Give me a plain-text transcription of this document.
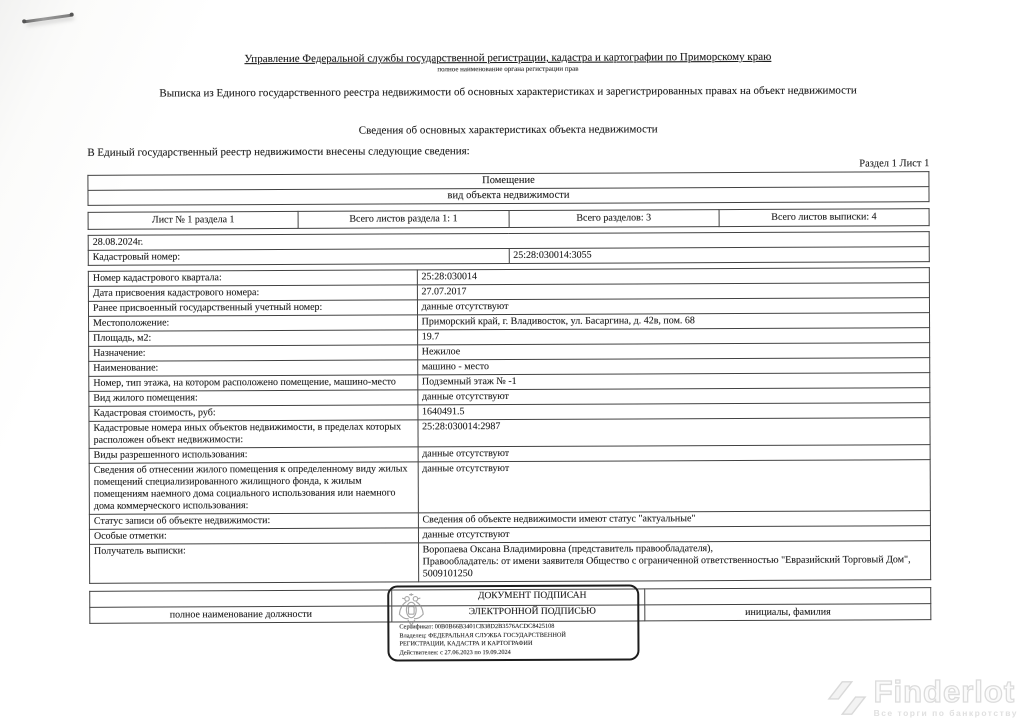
Управление Федеральной службы государственной регистрации, кадастра и картографии по Приморскому краю
полное наименование органа регистрации прав
Выписка из Единого государственного реестра недвижимости об основных характеристиках и зарегистрированных правах на объект недвижимости
Сведения об основных характеристиках объекта недвижимости
В Единый государственный реестр недвижимости внесены следующие сведения:
Раздел 1 Лист 1
Помещение
вид объекта недвижимости
Лист № 1 раздела 1	Всего листов раздела 1: 1	Всего разделов: 3	Всего листов выписки: 4
28.08.2024г.
Кадастровый номер:	25:28:030014:3055
Номер кадастрового квартала:	25:28:030014
Дата присвоения кадастрового номера:	27.07.2017
Ранее присвоенный государственный учетный номер:	данные отсутствуют
Местоположение:	Приморский край, г. Владивосток, ул. Басаргина, д. 42в, пом. 68
Площадь, м2:	19.7
Назначение:	Нежилое
Наименование:	машино - место
Номер, тип этажа, на котором расположено помещение, машино-место	Подземный этаж № -1
Вид жилого помещения:	данные отсутствуют
Кадастровая стоимость, руб:	1640491.5
Кадастровые номера иных объектов недвижимости, в пределах которых расположен объект недвижимости:	25:28:030014:2987
Виды разрешенного использования:	данные отсутствуют
Сведения об отнесении жилого помещения к определенному виду жилых помещений специализированного жилищного фонда, к жилым помещениям наемного дома социального использования или наемного дома коммерческого использования:	данные отсутствуют
Статус записи об объекте недвижимости:	Сведения об объекте недвижимости имеют статус "актуальные"
Особые отметки:	данные отсутствуют
Получатель выписки:	Воропаева Оксана Владимировна (представитель правообладателя),
Правообладатель: от имени заявителя Общество с ограниченной ответственностью "Евразийский Торговый Дом", 5009101250

полное наименование должности		инициалы, фамилия
ДОКУМЕНТ ПОДПИСАН
ЭЛЕКТРОННОЙ ПОДПИСЬЮ
Сертификат: 00B0B66B3401CB38D2B3576ACDC8425108
Владелец: ФЕДЕРАЛЬНАЯ СЛУЖБА ГОСУДАРСТВЕННОЙ
РЕГИСТРАЦИИ, КАДАСТРА И КАРТОГРАФИИ
Действителен: с 27.06.2023 по 19.09.2024
Finderlot
Все торги по банкротству
